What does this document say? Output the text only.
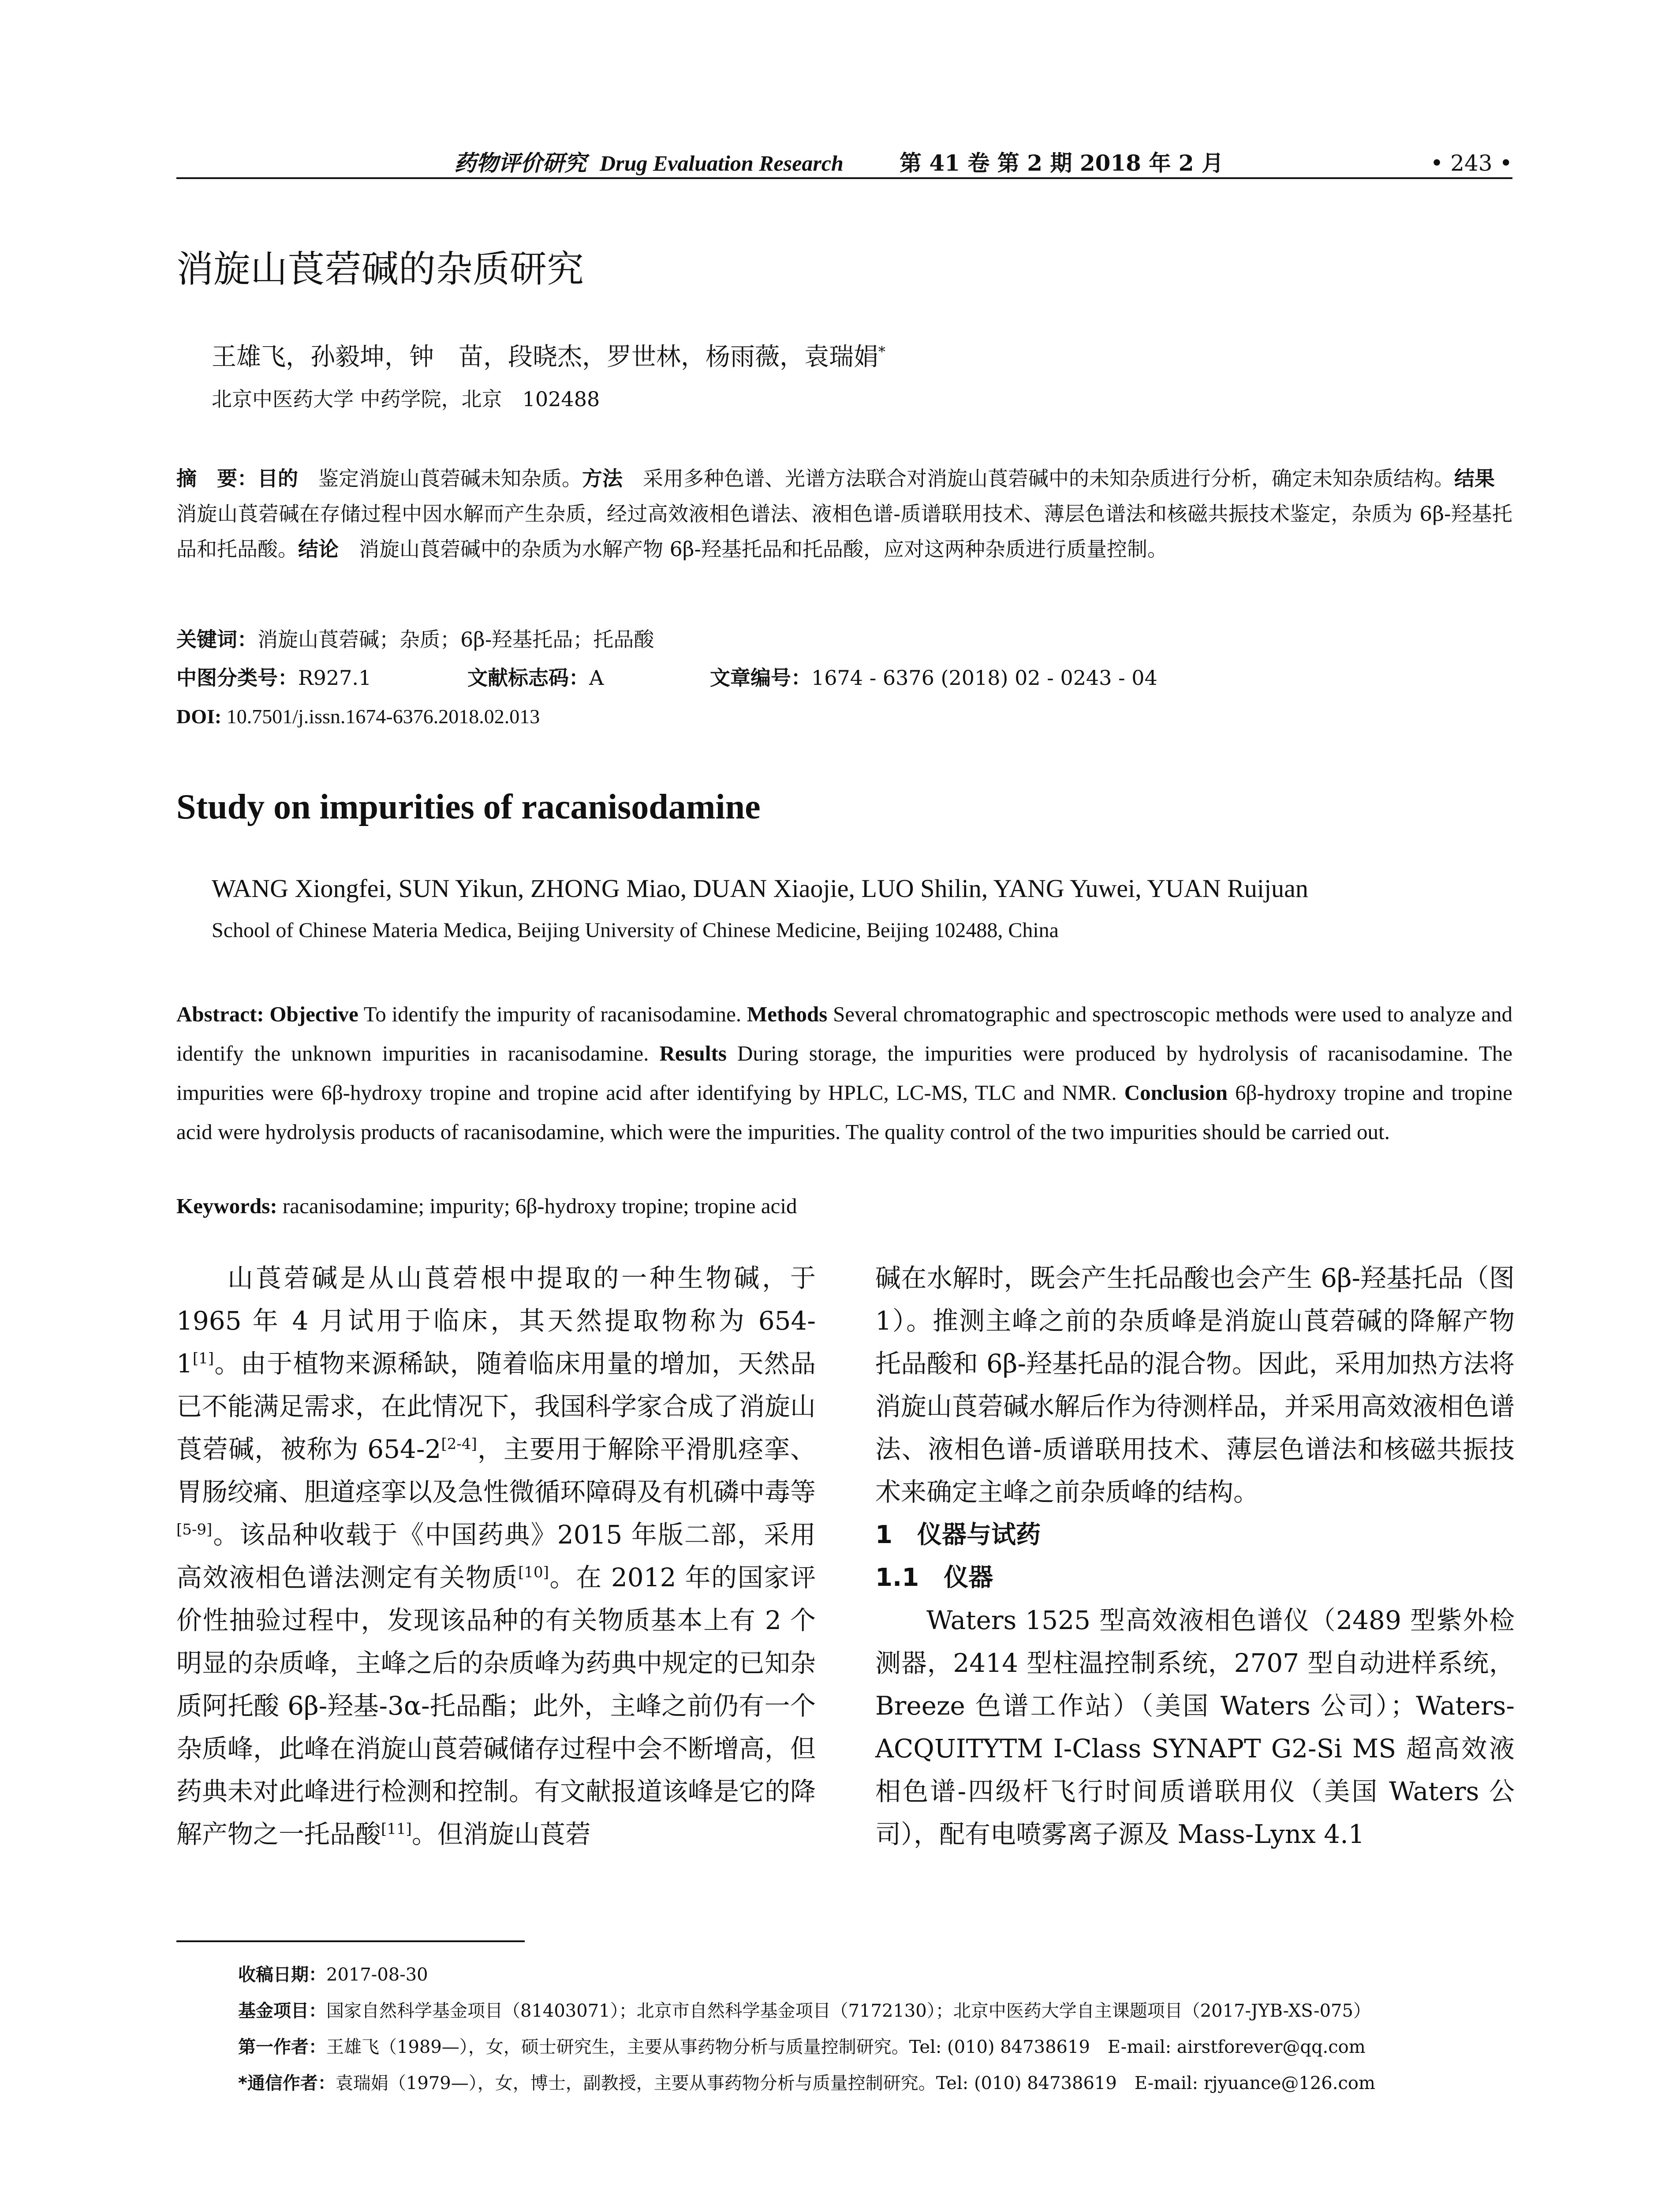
药物评价研究 Drug Evaluation Research	第 41 卷 第 2 期 2018 年 2 月	• 243 •
消旋山莨菪碱的杂质研究
王雄飞，孙毅坤，钟　苗，段晓杰，罗世林，杨雨薇，袁瑞娟*
北京中医药大学 中药学院，北京　102488
摘　要：目的　鉴定消旋山莨菪碱未知杂质。方法　采用多种色谱、光谱方法联合对消旋山莨菪碱中的未知杂质进行分析，确定未知杂质结构。结果　消旋山莨菪碱在存储过程中因水解而产生杂质，经过高效液相色谱法、液相色谱-质谱联用技术、薄层色谱法和核磁共振技术鉴定，杂质为 6β-羟基托品和托品酸。结论　消旋山莨菪碱中的杂质为水解产物 6β-羟基托品和托品酸，应对这两种杂质进行质量控制。
关键词：消旋山莨菪碱；杂质；6β-羟基托品；托品酸
中图分类号：R927.1	文献标志码：A	文章编号：1674 - 6376 (2018) 02 - 0243 - 04
DOI: 10.7501/j.issn.1674-6376.2018.02.013
Study on impurities of racanisodamine
WANG Xiongfei, SUN Yikun, ZHONG Miao, DUAN Xiaojie, LUO Shilin, YANG Yuwei, YUAN Ruijuan
School of Chinese Materia Medica, Beijing University of Chinese Medicine, Beijing 102488, China
Abstract: Objective To identify the impurity of racanisodamine. Methods Several chromatographic and spectroscopic methods were used to analyze and identify the unknown impurities in racanisodamine. Results During storage, the impurities were produced by hydrolysis of racanisodamine. The impurities were 6β-hydroxy tropine and tropine acid after identifying by HPLC, LC-MS, TLC and NMR. Conclusion 6β-hydroxy tropine and tropine acid were hydrolysis products of racanisodamine, which were the impurities. The quality control of the two impurities should be carried out.
Keywords: racanisodamine; impurity; 6β-hydroxy tropine; tropine acid

山莨菪碱是从山莨菪根中提取的一种生物碱，于 1965 年 4 月试用于临床，其天然提取物称为 654-1[1]。由于植物来源稀缺，随着临床用量的增加，天然品已不能满足需求，在此情况下，我国科学家合成了消旋山莨菪碱，被称为 654-2[2-4]，主要用于解除平滑肌痉挛、胃肠绞痛、胆道痉挛以及急性微循环障碍及有机磷中毒等[5-9]。该品种收载于《中国药典》2015 年版二部，采用高效液相色谱法测定有关物质[10]。在 2012 年的国家评价性抽验过程中，发现该品种的有关物质基本上有 2 个明显的杂质峰，主峰之后的杂质峰为药典中规定的已知杂质阿托酸 6β-羟基-3α-托品酯；此外，主峰之前仍有一个杂质峰，此峰在消旋山莨菪碱储存过程中会不断增高，但药典未对此峰进行检测和控制。有文献报道该峰是它的降解产物之一托品酸[11]。但消旋山莨菪

碱在水解时，既会产生托品酸也会产生 6β-羟基托品（图 1）。推测主峰之前的杂质峰是消旋山莨菪碱的降解产物托品酸和 6β-羟基托品的混合物。因此，采用加热方法将消旋山莨菪碱水解后作为待测样品，并采用高效液相色谱法、液相色谱-质谱联用技术、薄层色谱法和核磁共振技术来确定主峰之前杂质峰的结构。

1　仪器与试药
1.1　仪器

Waters 1525 型高效液相色谱仪（2489 型紫外检测器，2414 型柱温控制系统，2707 型自动进样系统，Breeze 色谱工作站）（美国 Waters 公司）；Waters-ACQUITYTM I-Class SYNAPT G2-Si MS 超高效液相色谱-四级杆飞行时间质谱联用仪（美国 Waters 公司），配有电喷雾离子源及 Mass-Lynx 4.1

收稿日期：2017-08-30
基金项目：国家自然科学基金项目（81403071）；北京市自然科学基金项目（7172130）；北京中医药大学自主课题项目（2017-JYB-XS-075）
第一作者：王雄飞（1989—），女，硕士研究生，主要从事药物分析与质量控制研究。Tel: (010) 84738619　E-mail: airstforever@qq.com
*通信作者：袁瑞娟（1979—），女，博士，副教授，主要从事药物分析与质量控制研究。Tel: (010) 84738619　E-mail: rjyuance@126.com
